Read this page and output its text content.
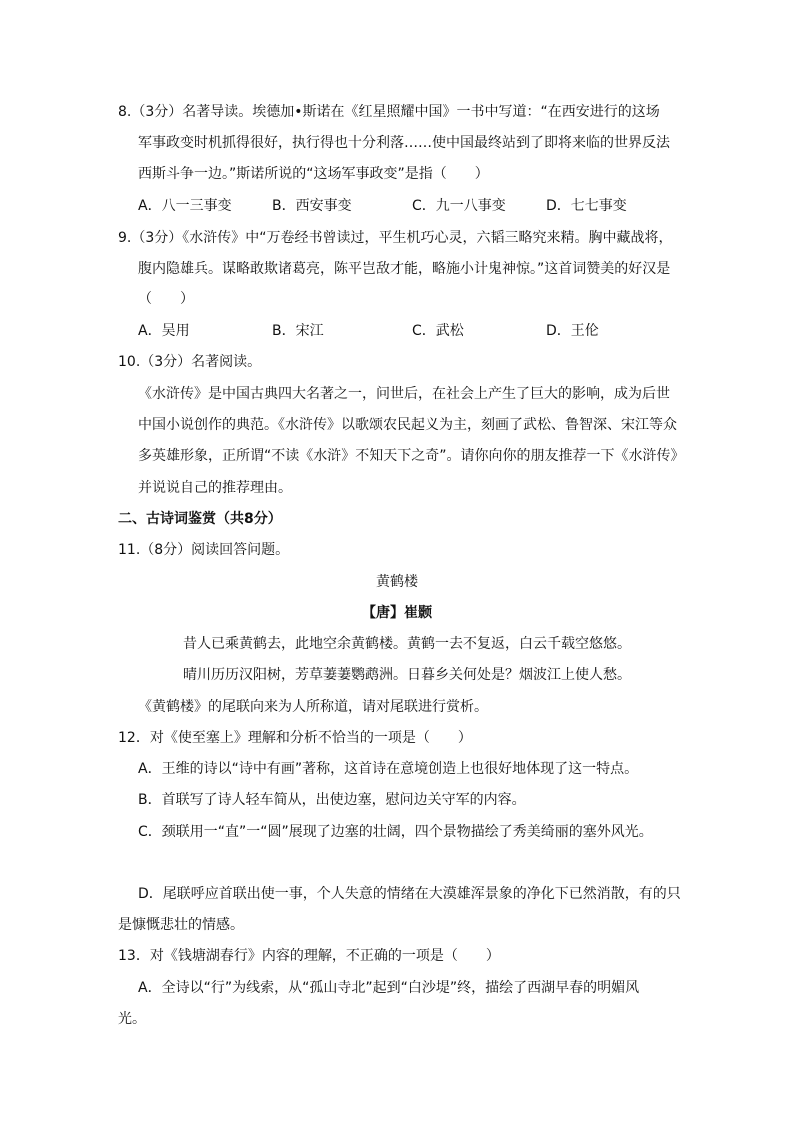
8.（3分）名著导读。埃德加•斯诺在《红星照耀中国》一书中写道：“在西安进行的这场
军事政变时机抓得很好，执行得也十分利落……使中国最终站到了即将来临的世界反法
西斯斗争一边。”斯诺所说的“这场军事政变”是指（　　）
A．八一三事变	B．西安事变	C．九一八事变	D．七七事变
9.（3分）《水浒传》中“万卷经书曾读过，平生机巧心灵，六韬三略究来精。胸中藏战将，
腹内隐雄兵。谋略敢欺诸葛亮，陈平岂敌才能，略施小计鬼神惊。”这首词赞美的好汉是
（　　）
A．吴用	B．宋江	C．武松	D．王伦
10.（3分）名著阅读。
《水浒传》是中国古典四大名著之一，问世后，在社会上产生了巨大的影响，成为后世
中国小说创作的典范。《水浒传》以歌颂农民起义为主，刻画了武松、鲁智深、宋江等众
多英雄形象，正所谓“不读《水浒》不知天下之奇”。请你向你的朋友推荐一下《水浒传》
并说说自己的推荐理由。
二、古诗词鉴赏（共8分）
11.（8分）阅读回答问题。
黄鹤楼
【唐】崔颢
昔人已乘黄鹤去，此地空余黄鹤楼。黄鹤一去不复返，白云千载空悠悠。
晴川历历汉阳树，芳草萋萋鹦鹉洲。日暮乡关何处是？烟波江上使人愁。
《黄鹤楼》的尾联向来为人所称道，请对尾联进行赏析。
12．对《使至塞上》理解和分析不恰当的一项是（　　）
A．王维的诗以“诗中有画”著称，这首诗在意境创造上也很好地体现了这一特点。
B．首联写了诗人轻车简从，出使边塞，慰问边关守军的内容。
C．颈联用一“直”一“圆”展现了边塞的壮阔，四个景物描绘了秀美绮丽的塞外风光。
D．尾联呼应首联出使一事，个人失意的情绪在大漠雄浑景象的净化下已然消散，有的只
是慷慨悲壮的情感。
13．对《钱塘湖春行》内容的理解，不正确的一项是（　　）
A．全诗以“行”为线索，从“孤山寺北”起到“白沙堤”终，描绘了西湖早春的明媚风
光。
